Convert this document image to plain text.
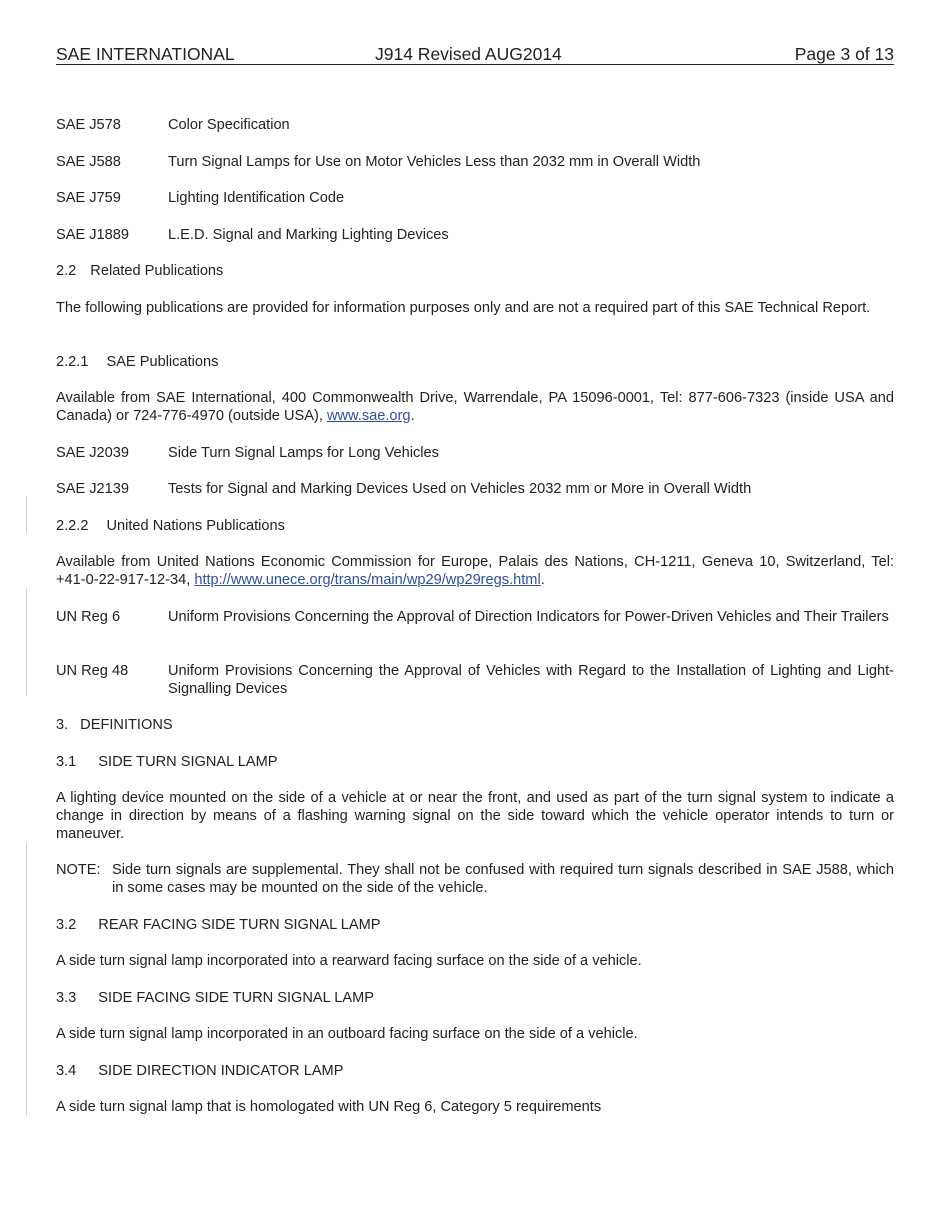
SAE INTERNATIONAL	J914 Revised AUG2014	Page 3 of 13
SAE J578	Color Specification
SAE J588	Turn Signal Lamps for Use on Motor Vehicles Less than 2032 mm in Overall Width
SAE J759	Lighting Identification Code
SAE J1889	L.E.D. Signal and Marking Lighting Devices
2.2 Related Publications
The following publications are provided for information purposes only and are not a required part of this SAE Technical Report.
2.2.1 SAE Publications
Available from SAE International, 400 Commonwealth Drive, Warrendale, PA 15096-0001, Tel: 877-606-7323 (inside USA and Canada) or 724-776-4970 (outside USA), www.sae.org.
SAE J2039	Side Turn Signal Lamps for Long Vehicles
SAE J2139	Tests for Signal and Marking Devices Used on Vehicles 2032 mm or More in Overall Width
2.2.2 United Nations Publications
Available from United Nations Economic Commission for Europe, Palais des Nations, CH-1211, Geneva 10, Switzerland, Tel: +41-0-22-917-12-34, http://www.unece.org/trans/main/wp29/wp29regs.html.
UN Reg 6	Uniform Provisions Concerning the Approval of Direction Indicators for Power-Driven Vehicles and Their Trailers
UN Reg 48	Uniform Provisions Concerning the Approval of Vehicles with Regard to the Installation of Lighting and Light-Signalling Devices
3. DEFINITIONS
3.1 SIDE TURN SIGNAL LAMP
A lighting device mounted on the side of a vehicle at or near the front, and used as part of the turn signal system to indicate a change in direction by means of a flashing warning signal on the side toward which the vehicle operator intends to turn or maneuver.
NOTE: Side turn signals are supplemental. They shall not be confused with required turn signals described in SAE J588, which in some cases may be mounted on the side of the vehicle.
3.2 REAR FACING SIDE TURN SIGNAL LAMP
A side turn signal lamp incorporated into a rearward facing surface on the side of a vehicle.
3.3 SIDE FACING SIDE TURN SIGNAL LAMP
A side turn signal lamp incorporated in an outboard facing surface on the side of a vehicle.
3.4 SIDE DIRECTION INDICATOR LAMP
A side turn signal lamp that is homologated with UN Reg 6, Category 5 requirements
